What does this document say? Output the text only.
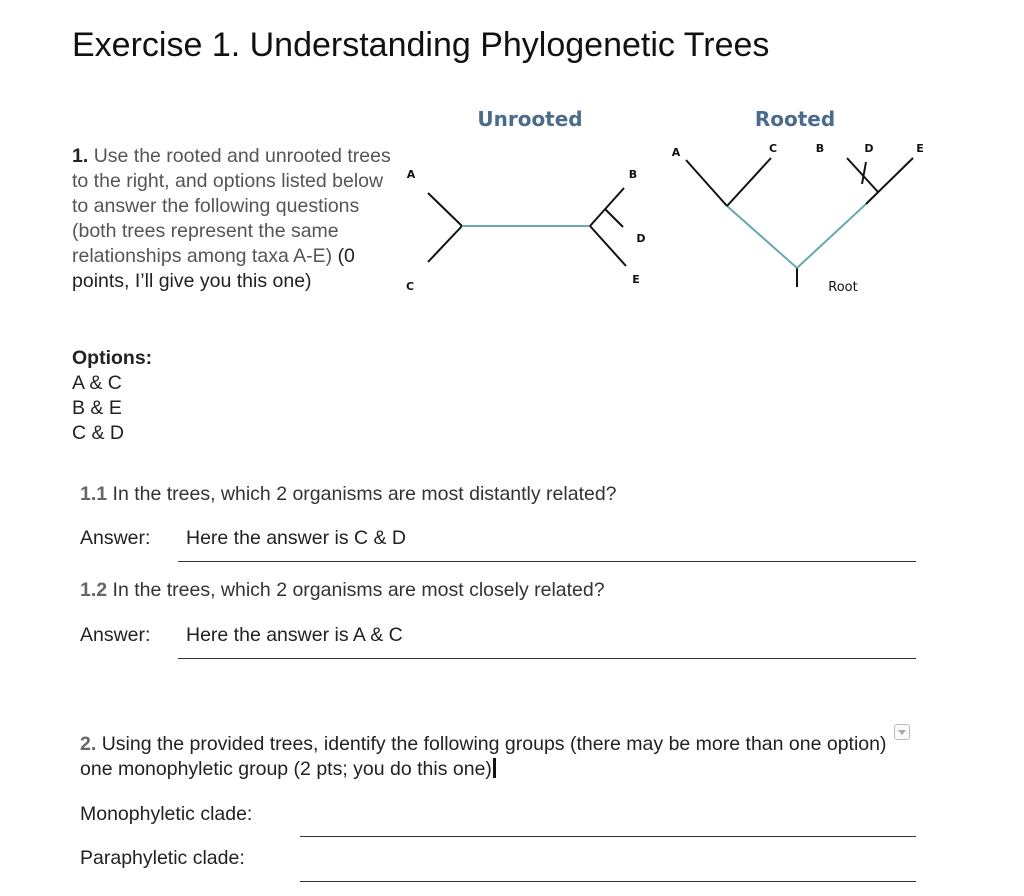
Exercise 1. Understanding Phylogenetic Trees
1. Use the rooted and unrooted trees to the right, and options listed below to answer the following questions (both trees represent the same relationships among taxa A-E) (0 points, I’ll give you this one)
Options:
A & C
B & E
C & D
Unrooted
A
C
B
D
E
Rooted
A	C	B	D	E
Root
1.1 In the trees, which 2 organisms are most distantly related?
Answer: Here the answer is C & D
1.2 In the trees, which 2 organisms are most closely related?
Answer: Here the answer is A & C
2. Using the provided trees, identify the following groups (there may be more than one option) one monophyletic group (2 pts; you do this one)
Monophyletic clade:
Paraphyletic clade:
